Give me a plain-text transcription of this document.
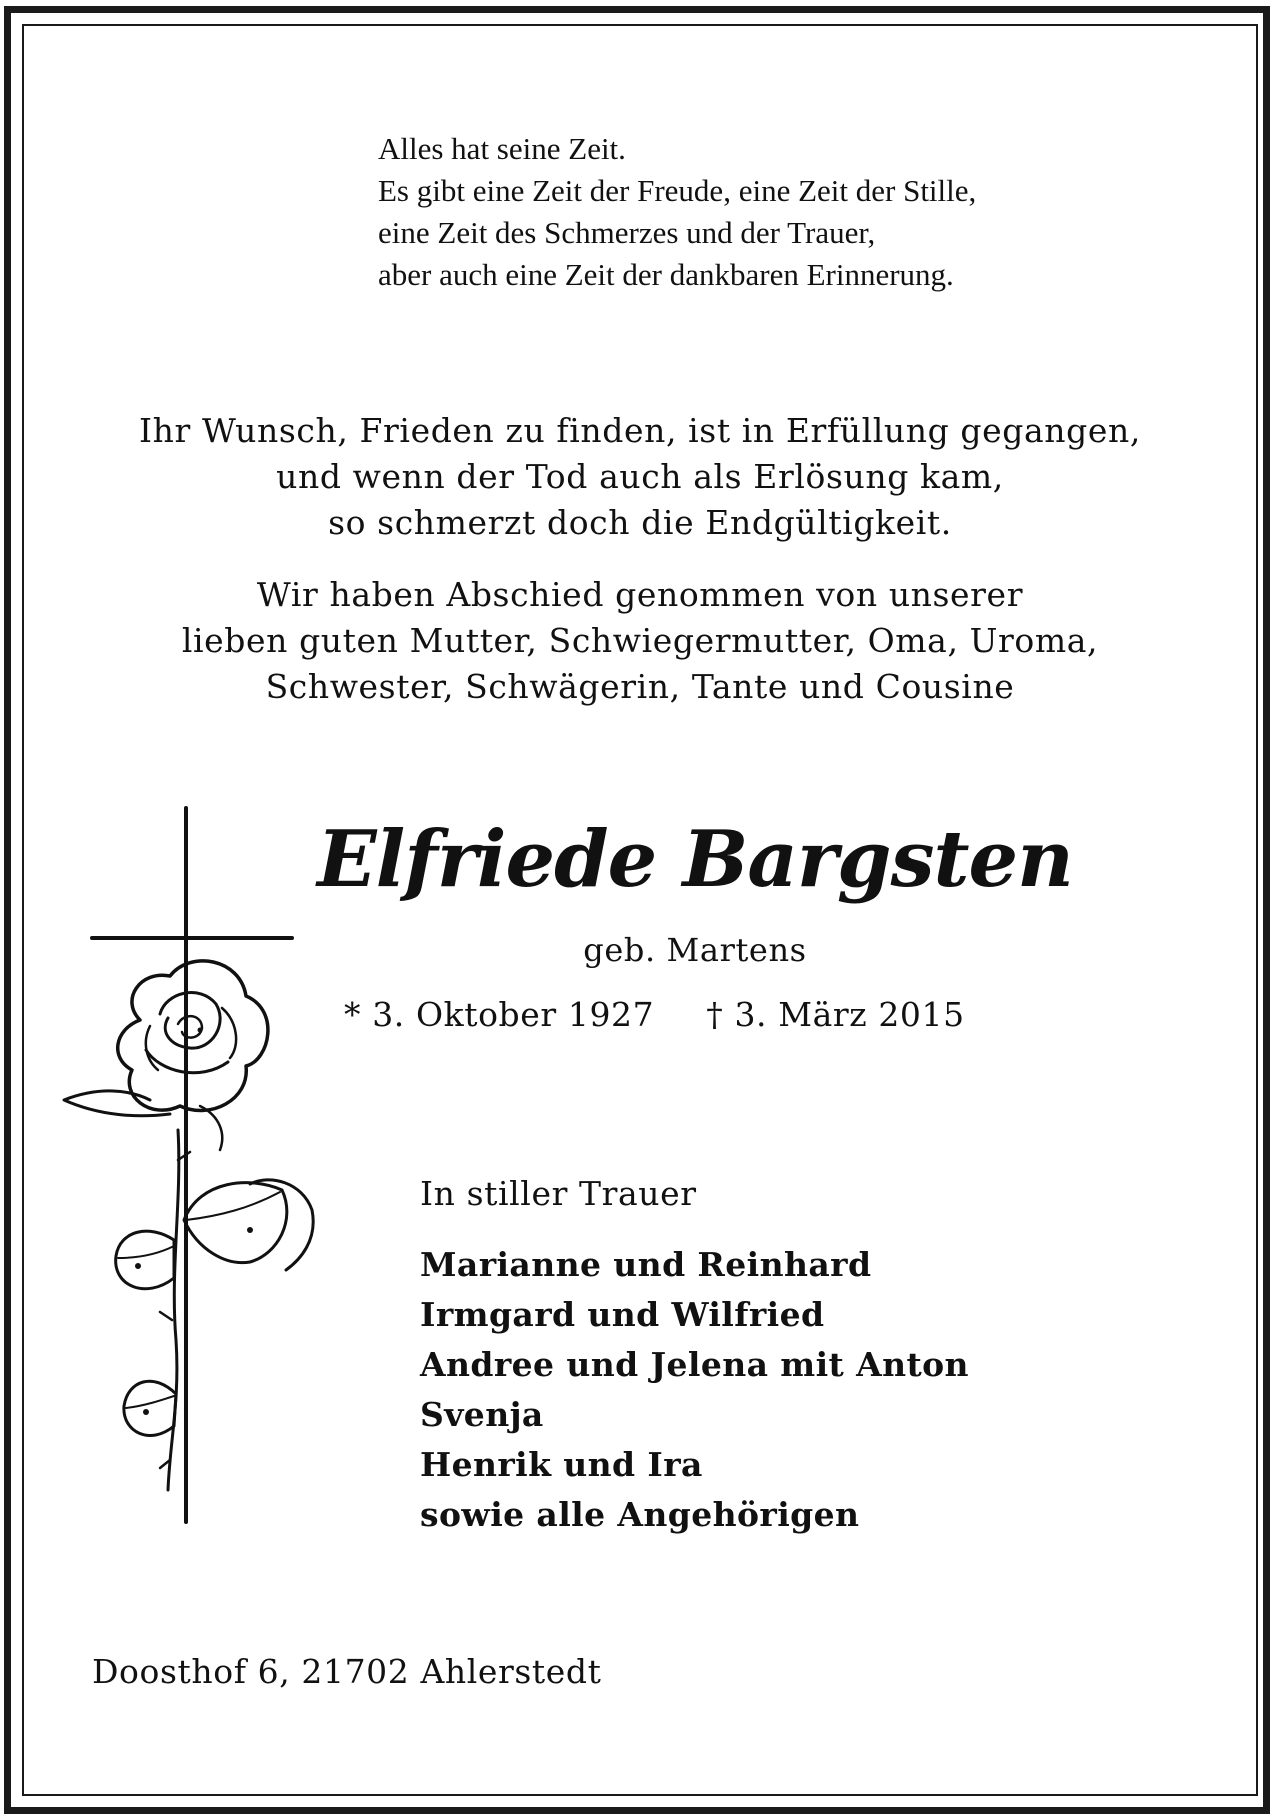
Alles hat seine Zeit.
Es gibt eine Zeit der Freude, eine Zeit der Stille,
eine Zeit des Schmerzes und der Trauer,
aber auch eine Zeit der dankbaren Erinnerung.
Ihr Wunsch, Frieden zu finden, ist in Erfüllung gegangen,
und wenn der Tod auch als Erlösung kam,
so schmerzt doch die Endgültigkeit.
Wir haben Abschied genommen von unserer
lieben guten Mutter, Schwiegermutter, Oma, Uroma,
Schwester, Schwägerin, Tante und Cousine
Elfriede Bargsten
geb. Martens
* 3. Oktober 1927 † 3. März 2015
In stiller Trauer
Marianne und Reinhard
Irmgard und Wilfried
Andree und Jelena mit Anton
Svenja
Henrik und Ira
sowie alle Angehörigen
Doosthof 6, 21702 Ahlerstedt
